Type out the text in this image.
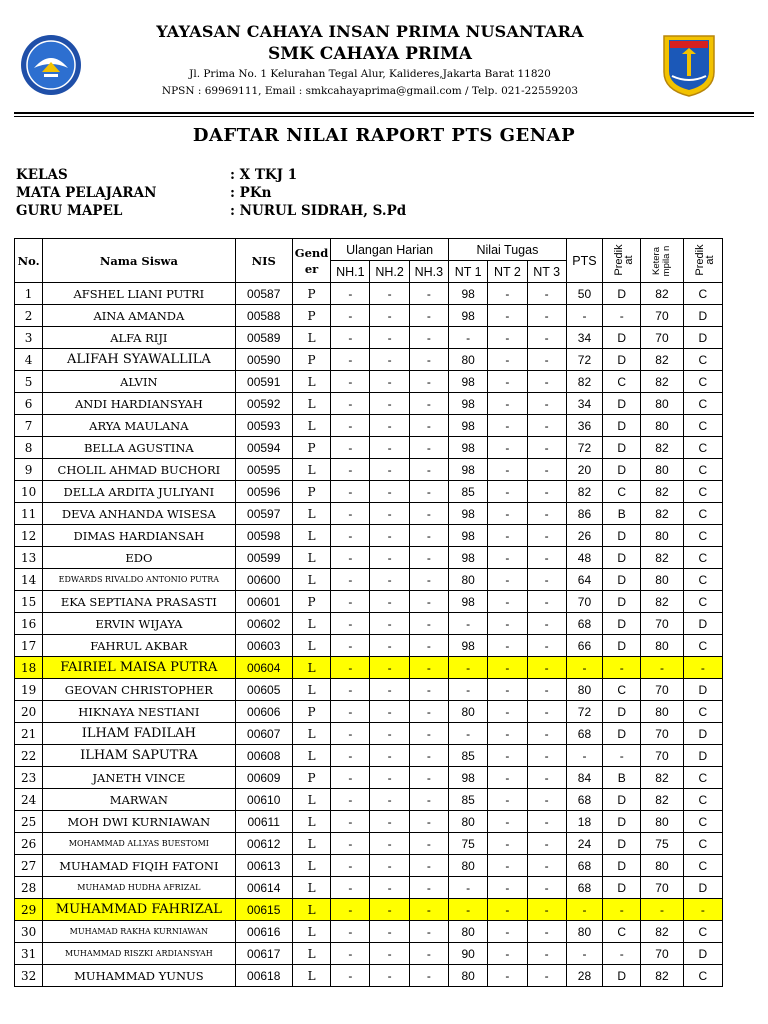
YAYASAN CAHAYA INSAN PRIMA NUSANTARA
SMK CAHAYA PRIMA
Jl. Prima No. 1 Kelurahan Tegal Alur, Kalideres,Jakarta Barat 11820
NPSN : 69969111, Email : smkcahayaprima@gmail.com / Telp. 021-22559203
DAFTAR NILAI RAPORT PTS GENAP
KELAS	: X TKJ 1
MATA PELAJARAN	: PKn
GURU MAPEL	: NURUL SIDRAH, S.Pd
No.	Nama Siswa	NIS	Gend er	Ulangan Harian			Nilai Tugas			PTS	Predik at	Ketera mpila n	Predik at
				NH.1	NH.2	NH.3	NT 1	NT 2	NT 3				
1	AFSHEL LIANI PUTRI	00587	P	-	-	-	98	-	-	50	D	82	C
2	AINA AMANDA	00588	P	-	-	-	98	-	-	-	-	70	D
3	ALFA RIJI	00589	L	-	-	-	-	-	-	34	D	70	D
4	ALIFAH SYAWALLILA	00590	P	-	-	-	80	-	-	72	D	82	C
5	ALVIN	00591	L	-	-	-	98	-	-	82	C	82	C
6	ANDI HARDIANSYAH	00592	L	-	-	-	98	-	-	34	D	80	C
7	ARYA MAULANA	00593	L	-	-	-	98	-	-	36	D	80	C
8	BELLA AGUSTINA	00594	P	-	-	-	98	-	-	72	D	82	C
9	CHOLIL AHMAD BUCHORI	00595	L	-	-	-	98	-	-	20	D	80	C
10	DELLA ARDITA JULIYANI	00596	P	-	-	-	85	-	-	82	C	82	C
11	DEVA ANHANDA WISESA	00597	L	-	-	-	98	-	-	86	B	82	C
12	DIMAS HARDIANSAH	00598	L	-	-	-	98	-	-	26	D	80	C
13	EDO	00599	L	-	-	-	98	-	-	48	D	82	C
14	EDWARDS RIVALDO ANTONIO PUTRA	00600	L	-	-	-	80	-	-	64	D	80	C
15	EKA SEPTIANA PRASASTI	00601	P	-	-	-	98	-	-	70	D	82	C
16	ERVIN WIJAYA	00602	L	-	-	-	-	-	-	68	D	70	D
17	FAHRUL AKBAR	00603	L	-	-	-	98	-	-	66	D	80	C
18	FAIRIEL MAISA PUTRA	00604	L	-	-	-	-	-	-	-	-	-	-
19	GEOVAN CHRISTOPHER	00605	L	-	-	-	-	-	-	80	C	70	D
20	HIKNAYA NESTIANI	00606	P	-	-	-	80	-	-	72	D	80	C
21	ILHAM FADILAH	00607	L	-	-	-	-	-	-	68	D	70	D
22	ILHAM SAPUTRA	00608	L	-	-	-	85	-	-	-	-	70	D
23	JANETH VINCE	00609	P	-	-	-	98	-	-	84	B	82	C
24	MARWAN	00610	L	-	-	-	85	-	-	68	D	82	C
25	MOH DWI KURNIAWAN	00611	L	-	-	-	80	-	-	18	D	80	C
26	MOHAMMAD ALLYAS BUESTOMI	00612	L	-	-	-	75	-	-	24	D	75	C
27	MUHAMAD FIQIH FATONI	00613	L	-	-	-	80	-	-	68	D	80	C
28	MUHAMAD HUDHA AFRIZAL	00614	L	-	-	-	-	-	-	68	D	70	D
29	MUHAMMAD FAHRIZAL	00615	L	-	-	-	-	-	-	-	-	-	-
30	MUHAMAD RAKHA KURNIAWAN	00616	L	-	-	-	80	-	-	80	C	82	C
31	MUHAMMAD RISZKI ARDIANSYAH	00617	L	-	-	-	90	-	-	-	-	70	D
32	MUHAMMAD YUNUS	00618	L	-	-	-	80	-	-	28	D	82	C
